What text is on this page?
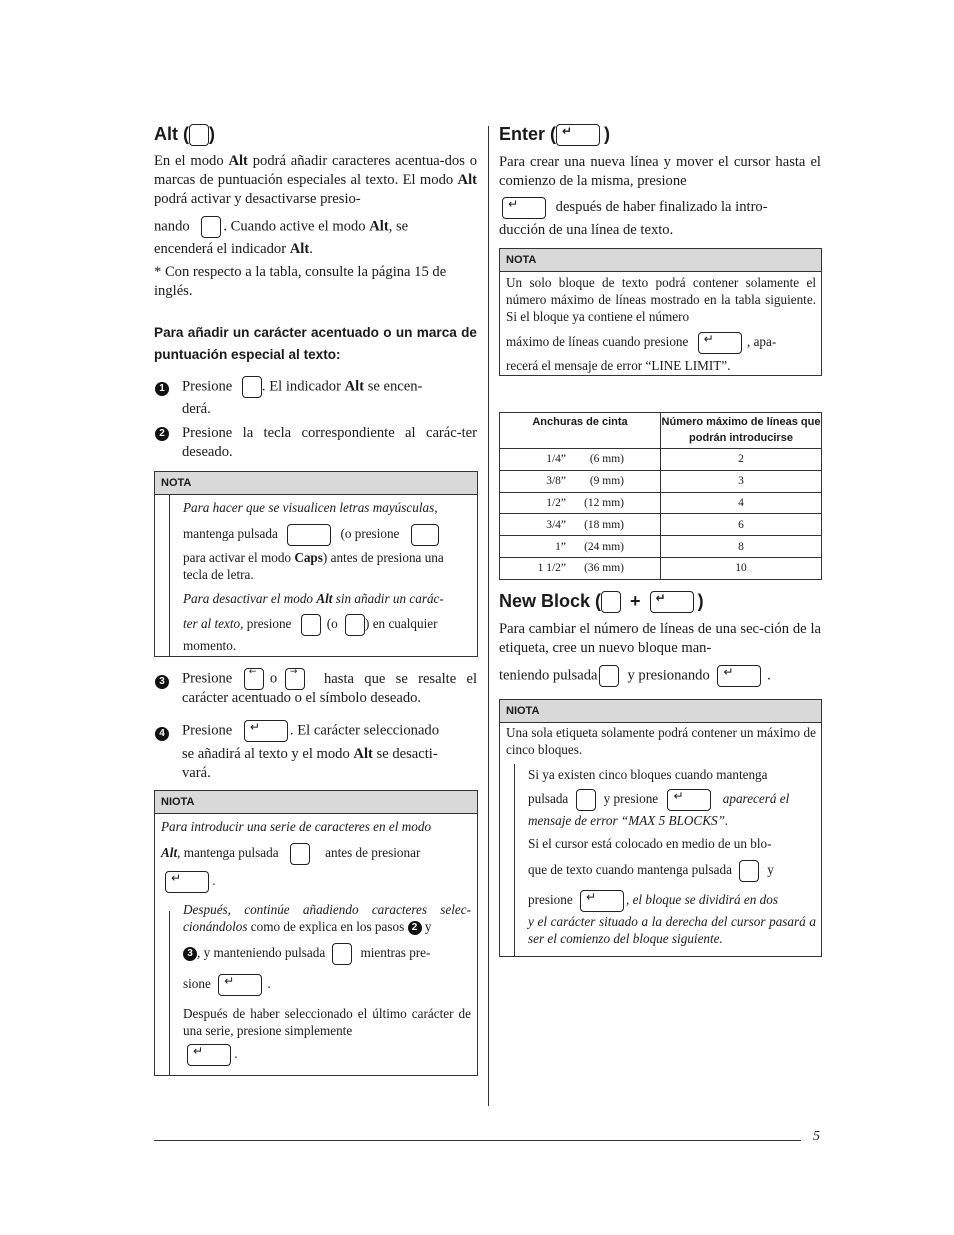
Alt ( )

En el modo Alt podrá añadir caracteres acentua-dos o marcas de puntuación especiales al texto. El modo Alt podrá activar y desactivarse presio-

nando . Cuando active el modo Alt, se

encenderá el indicador Alt.

* Con respecto a la tabla, consulte la página 15 de inglés.

Para añadir un carácter acentuado o un marca de puntuación especial al texto:

1 Presione . El indicador Alt se encen-

derá.

2 Presione la tecla correspondiente al carác-ter deseado.

NOTA
Para hacer que se visualicen letras mayúsculas,
mantenga pulsada	(o presione
para activar el modo Caps) antes de presiona una tecla de letra.
Para desactivar el modo Alt sin añadir un carác-
ter al texto, presione	(o ) en cualquier
momento.
3 Presione ← o →	hasta que se resalte el carácter acentuado o el símbolo deseado.

4 Presione ↵ . El carácter seleccionado

se añadirá al texto y el modo Alt se desacti-

vará.

NIOTA
Para introducir una serie de caracteres en el modo
Alt, mantenga pulsada	antes de presionar
↵ .
Después, continúe añadiendo caracteres selec-cionándolos como de explica en los pasos 2 y
3 , y manteniendo pulsada	mientras pre-
sione ↵	.
Después de haber seleccionado el último carácter de una serie, presione simplemente
↵ .
Enter ( ↵ )

Para crear una nueva línea y mover el cursor hasta el comienzo de la misma, presione

↵	después de haber finalizado la intro-

ducción de una línea de texto.

NOTA
Un solo bloque de texto podrá contener solamente el número máximo de líneas mostrado en la tabla siguiente. Si el bloque ya contiene el número
máximo de líneas cuando presione ↵	, apa-
recerá el mensaje de error “LINE LIMIT”.
Anchuras de cinta	Número máximo de líneas que podrán introducirse
1/4” (6 mm)	2
3/8” (9 mm)	3
1/2” (12 mm)	4
3/4” (18 mm)	6
1” (24 mm)	8
1 1/2” (36 mm)	10
New Block ( + ↵ )

Para cambiar el número de líneas de una sec-ción de la etiqueta, cree un nuevo bloque man-

teniendo pulsada y presionando ↵ .
NIOTA
Una sola etiqueta solamente podrá contener un máximo de cinco bloques.
Si ya existen cinco bloques cuando mantenga
pulsada	y presione ↵	aparecerá el
mensaje de error “MAX 5 BLOCKS”.
Si el cursor está colocado en medio de un blo-
que de texto cuando mantenga pulsada	y
presione ↵ , el bloque se dividirá en dos
y el carácter situado a la derecha del cursor pasará a ser el comienzo del bloque siguiente.
5
